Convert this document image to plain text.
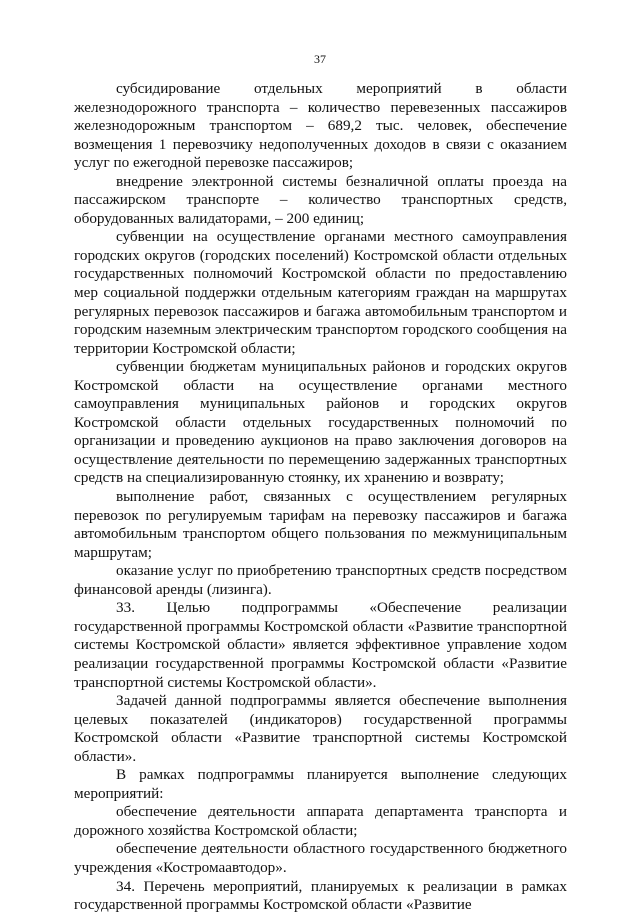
37

субсидирование отдельных мероприятий в области железнодорожного транспорта – количество перевезенных пассажиров железнодорожным транспортом – 689,2 тыс. человек, обеспечение возмещения 1 перевозчику недополученных доходов в связи с оказанием услуг по ежегодной перевозке пассажиров;

внедрение электронной системы безналичной оплаты проезда на пассажирском транспорте – количество транспортных средств, оборудованных валидаторами, – 200 единиц;

субвенции на осуществление органами местного самоуправления городских округов (городских поселений) Костромской области отдельных государственных полномочий Костромской области по предоставлению мер социальной поддержки отдельным категориям граждан на маршрутах регулярных перевозок пассажиров и багажа автомобильным транспортом и городским наземным электрическим транспортом городского сообщения на территории Костромской области;

субвенции бюджетам муниципальных районов и городских округов Костромской области на осуществление органами местного самоуправления муниципальных районов и городских округов Костромской области отдельных государственных полномочий по организации и проведению аукционов на право заключения договоров на осуществление деятельности по перемещению задержанных транспортных средств на специализированную стоянку, их хранению и возврату;

выполнение работ, связанных с осуществлением регулярных перевозок по регулируемым тарифам на перевозку пассажиров и багажа автомобильным транспортом общего пользования по межмуниципальным маршрутам;

оказание услуг по приобретению транспортных средств посредством финансовой аренды (лизинга).

33. Целью подпрограммы «Обеспечение реализации государственной программы Костромской области «Развитие транспортной системы Костромской области» является эффективное управление ходом реализации государственной программы Костромской области «Развитие транспортной системы Костромской области».

Задачей данной подпрограммы является обеспечение выполнения целевых показателей (индикаторов) государственной программы Костромской области «Развитие транспортной системы Костромской области».

В рамках подпрограммы планируется выполнение следующих мероприятий:

обеспечение деятельности аппарата департамента транспорта и дорожного хозяйства Костромской области;

обеспечение деятельности областного государственного бюджетного учреждения «Костромаавтодор».

34. Перечень мероприятий, планируемых к реализации в рамках государственной программы Костромской области «Развитие
